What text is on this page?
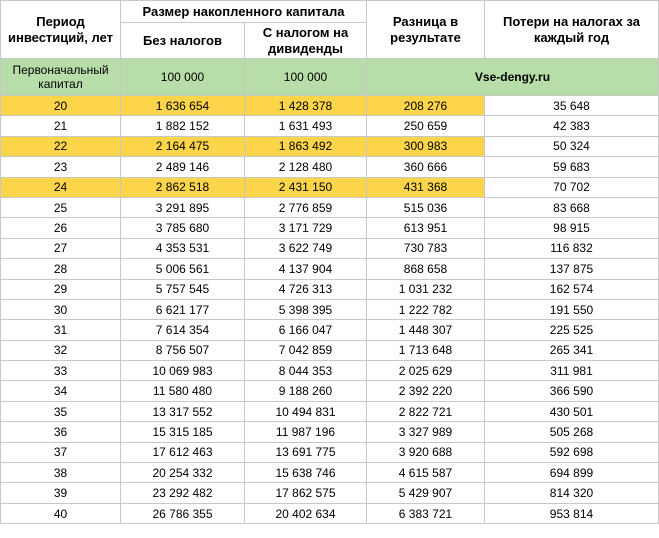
Период инвестиций, лет	Размер накопленного капитала		Разница в результате	Потери на налогах за каждый год
	Без налогов	С налогом на дивиденды		
Первоначальный капитал	100 000	100 000	Vse-dengy.ru	
20	1 636 654	1 428 378	208 276	35 648
21	1 882 152	1 631 493	250 659	42 383
22	2 164 475	1 863 492	300 983	50 324
23	2 489 146	2 128 480	360 666	59 683
24	2 862 518	2 431 150	431 368	70 702
25	3 291 895	2 776 859	515 036	83 668
26	3 785 680	3 171 729	613 951	98 915
27	4 353 531	3 622 749	730 783	116 832
28	5 006 561	4 137 904	868 658	137 875
29	5 757 545	4 726 313	1 031 232	162 574
30	6 621 177	5 398 395	1 222 782	191 550
31	7 614 354	6 166 047	1 448 307	225 525
32	8 756 507	7 042 859	1 713 648	265 341
33	10 069 983	8 044 353	2 025 629	311 981
34	11 580 480	9 188 260	2 392 220	366 590
35	13 317 552	10 494 831	2 822 721	430 501
36	15 315 185	11 987 196	3 327 989	505 268
37	17 612 463	13 691 775	3 920 688	592 698
38	20 254 332	15 638 746	4 615 587	694 899
39	23 292 482	17 862 575	5 429 907	814 320
40	26 786 355	20 402 634	6 383 721	953 814
